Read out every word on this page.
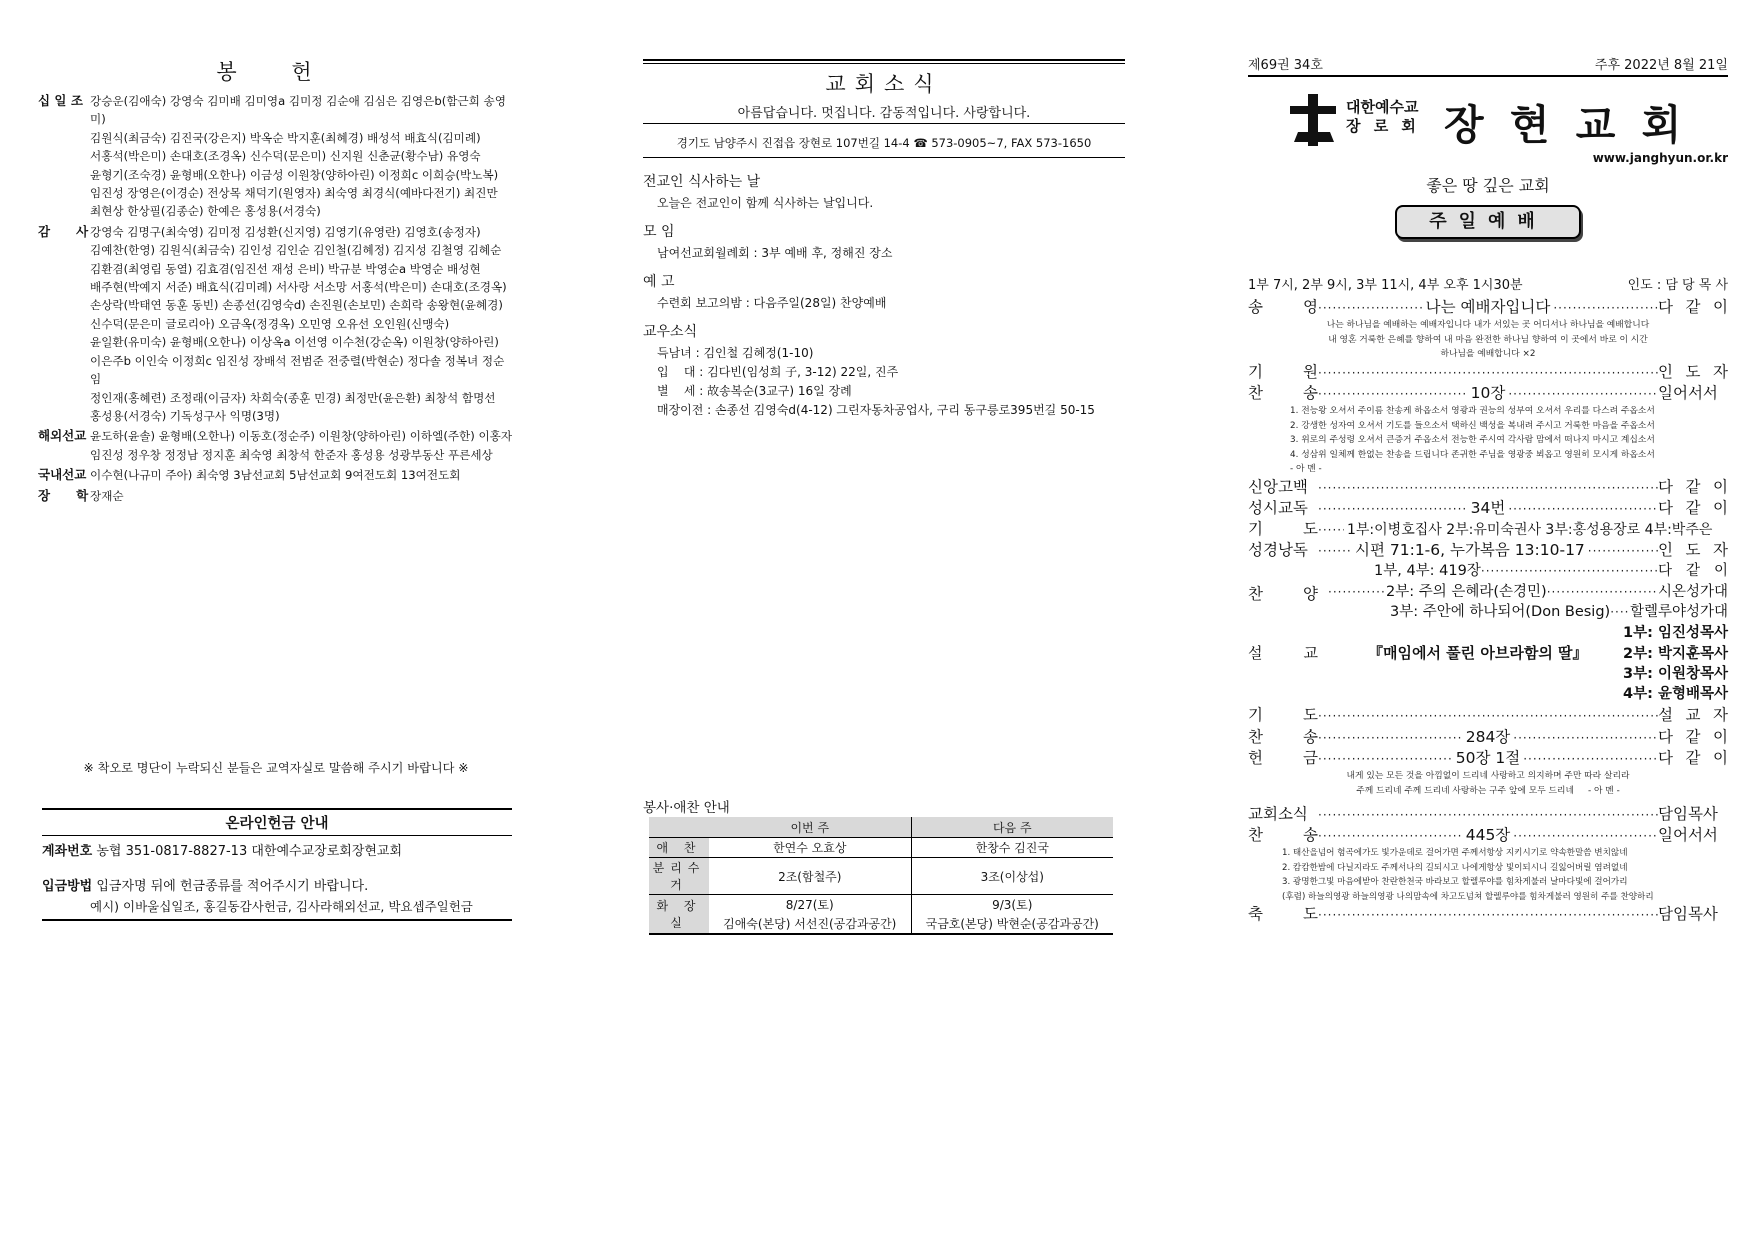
봉 헌
십 일 조 강승운(김애숙) 강영숙 김미배 김미영a 김미정 김순애 김심은 김영은b(함근희 송영미)
김원식(최금숙) 김진국(강은지) 박옥순 박지훈(최혜경) 배성석 배효식(김미례)
서홍석(박은미) 손대호(조경옥) 신수덕(문은미) 신지원 신춘균(황수남) 유영숙
윤형기(조숙경) 윤형배(오한나) 이금성 이원창(양하아린) 이정희c 이희승(박노복)
임진성 장영은(이경순) 전상목 채덕기(원영자) 최숙영 최경식(예바다전기) 최진만
최현상 한상필(김종순) 한예은 홍성용(서경숙)
감      사 강영숙 김명구(최숙영) 김미정 김성환(신지영) 김영기(유영란) 김영호(송정자)
김예찬(한영) 김원식(최금숙) 김인성 김인순 김인철(김혜정) 김지성 김철영 김혜순
김환겸(최영림 동열) 김효겸(임진선 재성 은비) 박규분 박영순a 박영순 배성현
배주현(박예지 서준) 배효식(김미례) 서사랑 서소망 서홍석(박은미) 손대호(조경옥)
손상락(박태연 동훈 동빈) 손종선(김영숙d) 손진원(손보민) 손희락 송왕현(윤혜경)
신수덕(문은미 글로리아) 오금옥(정경옥) 오민영 오유선 오인원(신맹숙)
윤일환(유미숙) 윤형배(오한나) 이상옥a 이선영 이수천(강순옥) 이원창(양하아린)
이은주b 이인숙 이정희c 임진성 장배석 전범준 전중렬(박현순) 정다솔 정복녀 정순임
정인재(홍혜련) 조정래(이금자) 차희숙(종훈 민경) 최정만(윤은환) 최창석 함명선
홍성용(서경숙) 기독성구사 익명(3명)
해외선교 윤도하(윤솔) 윤형배(오한나) 이동호(정순주) 이원창(양하아린) 이하엘(주한) 이홍자
임진성 정우창 정정남 정지훈 최숙영 최창석 한준자 홍성용 성광부동산 푸른세상
국내선교 이수현(나규미 주아) 최숙영 3남선교회 5남선교회 9여전도회 13여전도회
장      학 장재순
※ 착오로 명단이 누락되신 분들은 교역자실로 말씀해 주시기 바랍니다 ※
온라인헌금 안내
계좌번호 농협 351-0817-8827-13 대한예수교장로회장현교회
입금방법 입금자명 뒤에 헌금종류를 적어주시기 바랍니다.
예시) 이바울십일조, 홍길동감사헌금, 김사라해외선교, 박요셉주일헌금
교회소식
아름답습니다. 멋집니다. 감동적입니다. 사랑합니다.
경기도 남양주시 진접읍 장현로 107번길 14-4 ☎ 573-0905~7, FAX 573-1650
전교인 식사하는 날
오늘은 전교인이 함께 식사하는 날입니다.
모 임
남여선교회월례회 : 3부 예배 후, 정해진 장소
예 고
수련회 보고의밤 : 다음주일(28일) 찬양예배
교우소식
득남녀 : 김인철 김혜정(1-10)
입    대 : 김다빈(임성희 子, 3-12) 22일, 진주
별    세 : 故송복순(3교구) 16일 장례
매장이전 : 손종선 김영숙d(4-12) 그린자동차공업사, 구리 동구릉로395번길 50-15
봉사·애찬 안내
	이번 주	다음 주
애 찬	한연수 오효상	한창수 김진국
분리수거	2조(함철주)	3조(이상섭)
화 장 실	8/27(토)	9/3(토)
	김애숙(본당) 서선진(공감과공간)	국금호(본당) 박현순(공감과공간)
제69권 34호	주후 2022년 8월 21일
대한예수교
장 로 회 장 현 교 회
www.janghyun.or.kr
좋은 땅 깊은 교회
주일예배
1부 7시, 2부 9시, 3부 11시, 4부 오후 1시30분	인도 : 담 당 목 사
송 영 ·····	나는 예배자입니다 ·····	다 같 이
나는 하나님을 예배하는 예배자입니다 내가 서있는 곳 어디서나 하나님을 예배합니다
내 영혼 거룩한 은혜를 향하여 내 마음 완전한 하나님 향하여 이 곳에서 바로 이 시간
하나님을 예배합니다 ×2
기 원 ·····	인 도 자
찬 송 ·····	10장 ·····	일어서서
1. 전능왕 오셔서 주이름 찬송케 하옵소서 영광과 권능의 성부여 오셔서 우리를 다스려 주옵소서
2. 강생한 성자여 오셔서 기도를 들으소서 택하신 백성을 복내려 주시고 거룩한 마음을 주옵소서
3. 위로의 주성령 오셔서 큰증거 주옵소서 전능한 주시여 각사람 맘에서 떠나지 마시고 계십소서
4. 성삼위 일체께 한없는 찬송을 드립니다 존귀한 주님을 영광중 뵈옵고 영원히 모시게 하옵소서
- 아 멘 -
신앙고백 ·····	다 같 이
성시교독 ·····	34번 ·····	다 같 이
기 도 ····· 1부:이병호집사 2부:유미숙권사 3부:홍성용장로 4부:박주은
성경낭독 ·····	시편 71:1-6, 누가복음 13:10-17 ·····	인 도 자
찬 양
1부, 4부: 419장 ·····	다 같 이
·····
2부: 주의 은혜라(손경민) ·····	시온성가대
3부: 주안에 하나되어(Don Besig) ····· 할렐루야성가대
1부: 임진성목사
설 교	『매임에서 풀린 아브라함의 딸』	2부: 박지훈목사
3부: 이원창목사
4부: 윤형배목사
기 도 ·····	설 교 자
찬 송 ·····	284장 ·····	다 같 이
헌 금 ·····	50장 1절 ·····	다 같 이
내게 있는 모든 것을 아낌없이 드리네 사랑하고 의지하며 주만 따라 살리라
주께 드리네 주께 드리네 사랑하는 구주 앞에 모두 드리네     - 아 멘 -
교회소식 ·····	담임목사
찬 송 ·····	445장 ·····	일어서서
1. 태산을넘어 험곡에가도 빛가운데로 걸어가면 주께서항상 지키시기로 약속한말씀 변치않네
2. 캄캄한밤에 다닐지라도 주께서나의 길되시고 나에게항상 빛이되시니 길잃어버릴 염려없네
3. 광명한그빛 마음에받아 찬란한천국 바라보고 할렐루야를 힘차게불러 날마다빛에 걸어가리
(후렴) 하늘의영광 하늘의영광 나의맘속에 차고도넘쳐 할렐루야를 힘차게불러 영원히 주를 찬양하리
축 도 ·····	담임목사
